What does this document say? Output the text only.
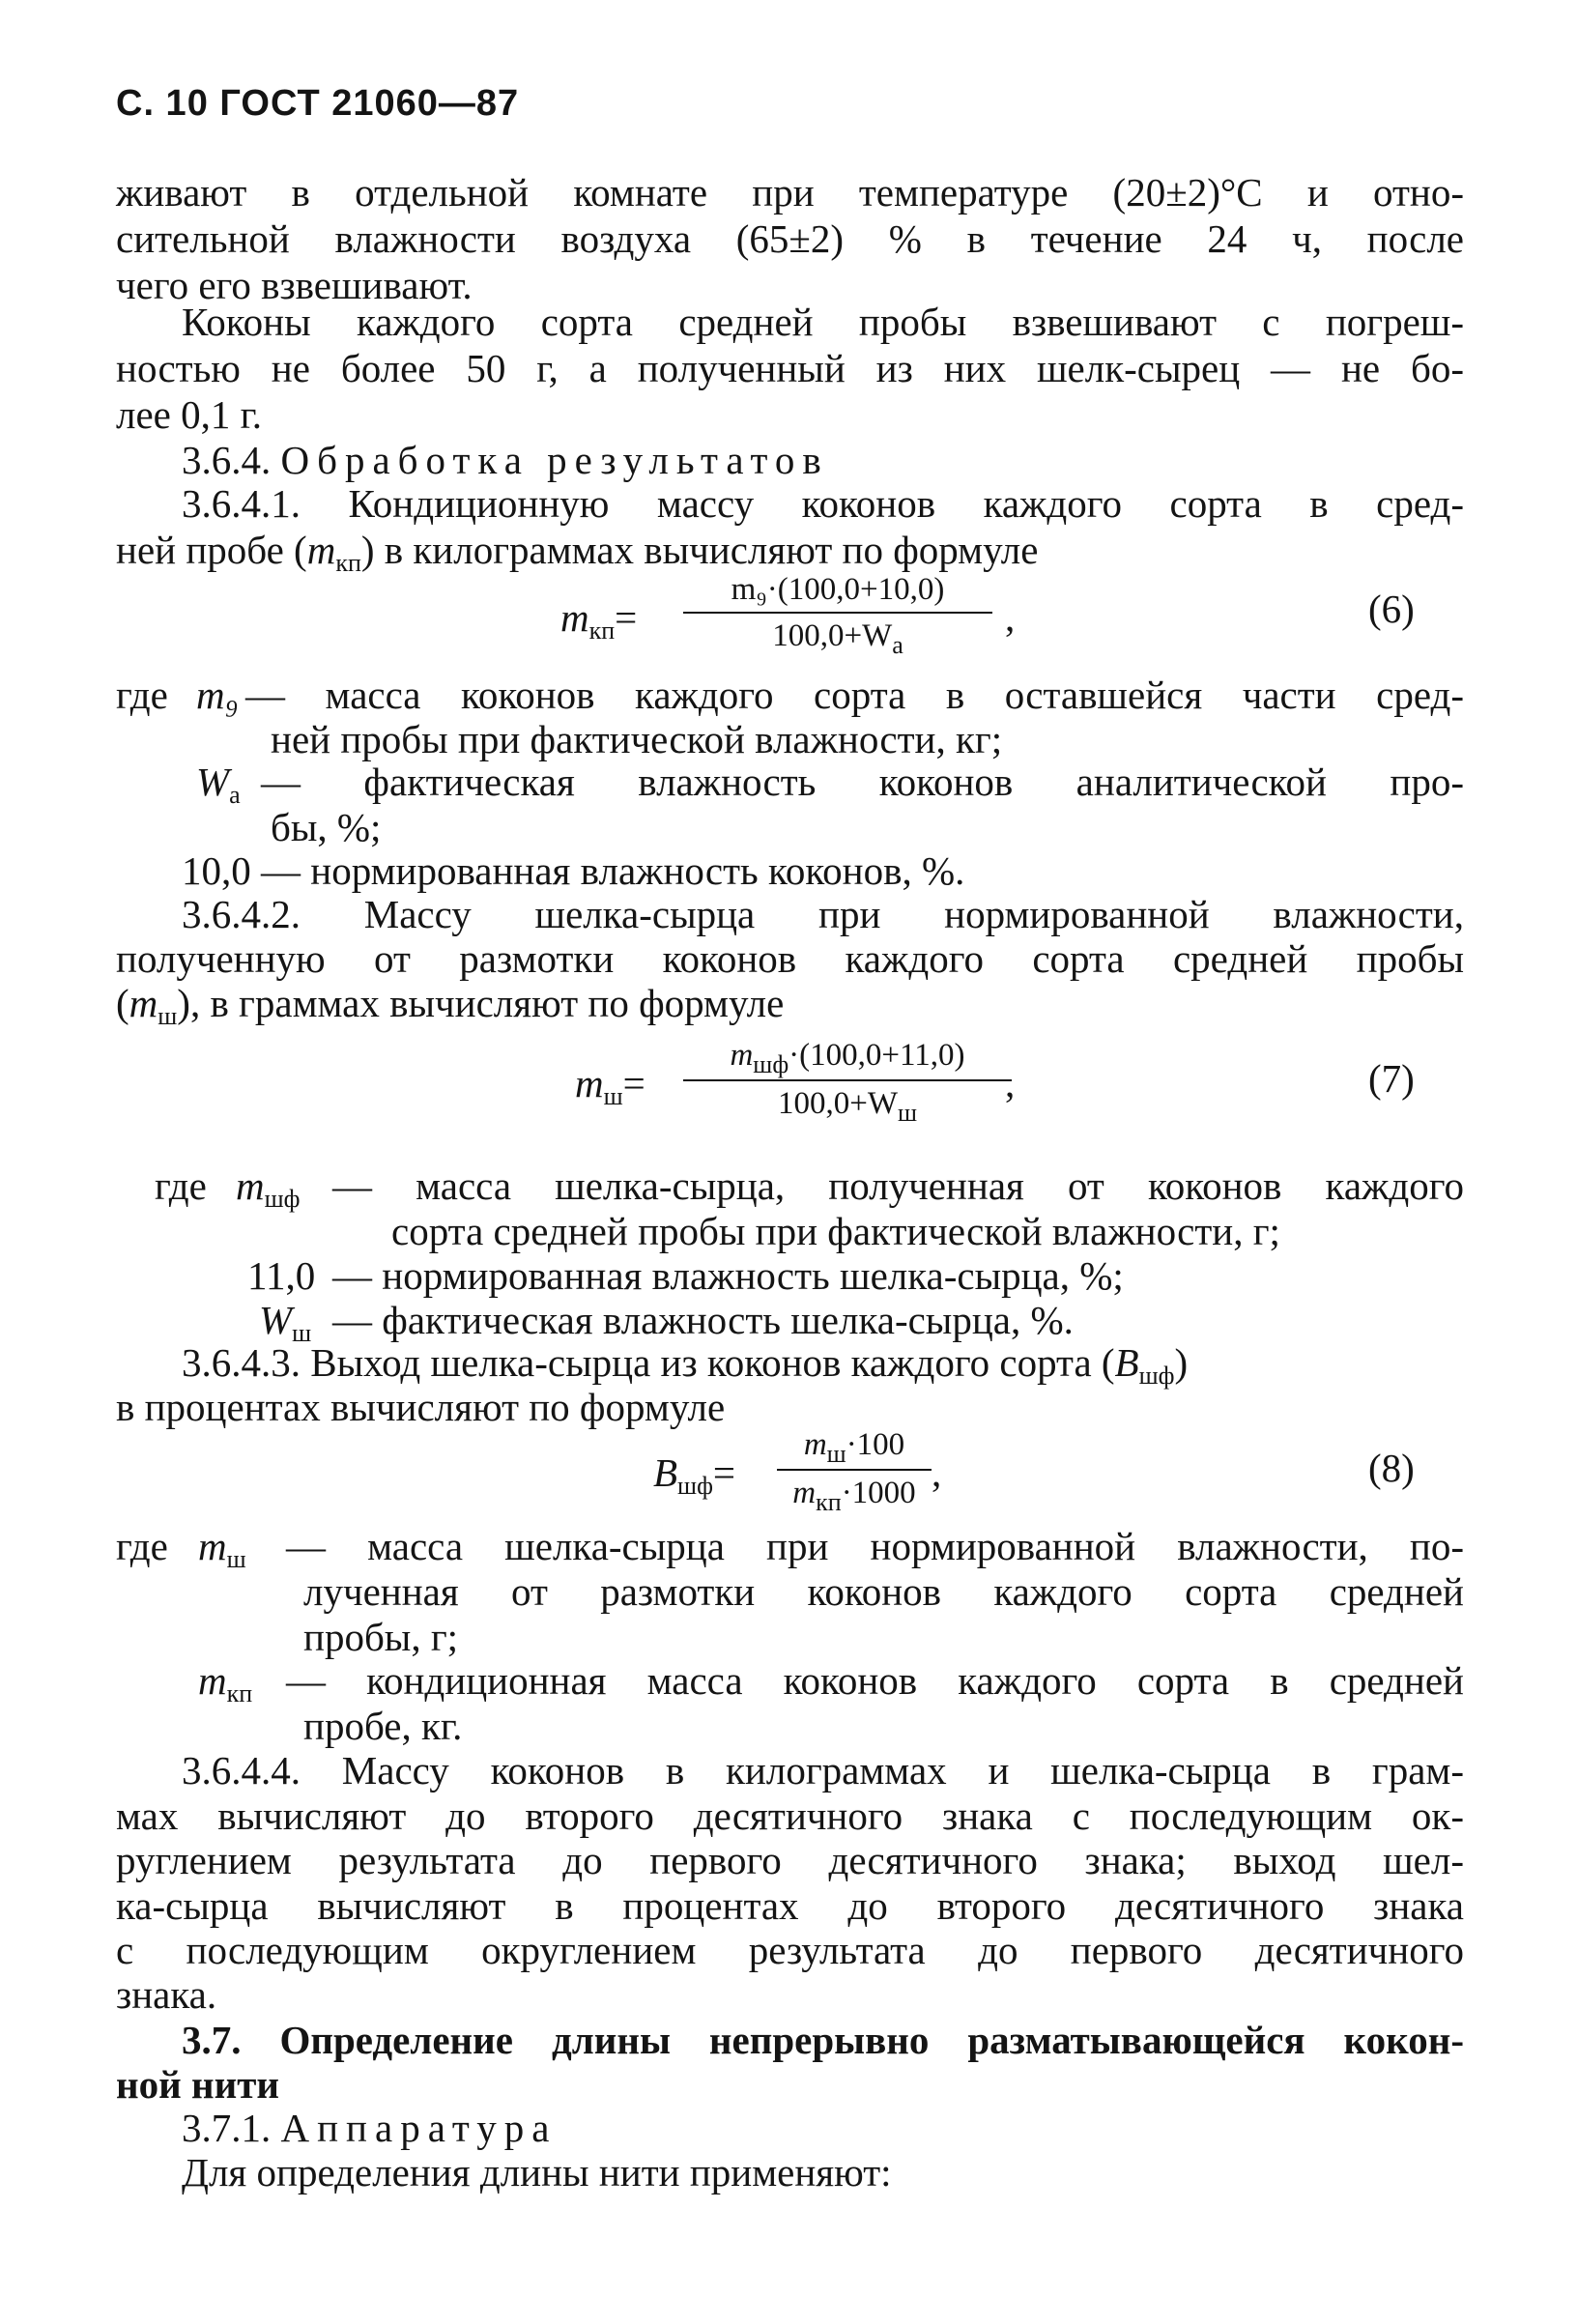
С. 10 ГОСТ 21060—87
живают в отдельной комнате при температуре (20±2)°С и отно-
сительной влажности воздуха (65±2) % в течение 24 ч, после
чего его взвешивают.
Коконы каждого сорта средней пробы взвешивают с погреш-
ностью не более 50 г, а полученный из них шелк-сырец — не бо-
лее 0,1 г.
3.6.4. Обработка результатов
3.6.4.1. Кондиционную массу коконов каждого сорта в сред-
ней пробе (mкп) в килограммах вычисляют по формуле
mкп=
m₉·(100,0+10,0)
$100,0+W_а$
,	(6)
где m₉ — масса коконов каждого сорта в оставшейся части сред-
ней пробы при фактической влажности, кг;
Wа — фактическая влажность коконов аналитической про-
бы, %;
10,0 — нормированная влажность коконов, %.
3.6.4.2. Массу шелка-сырца при нормированной влажности,
полученную от размотки коконов каждого сорта средней пробы
(mш), в граммах вычисляют по формуле
mш=
$m_{шф}\cdot(100,0+11,0)$
$100,0+W_ш$
,	(7)
где mшф — масса шелка-сырца, полученная от коконов каждого
сорта средней пробы при фактической влажности, г;
11,0 — нормированная влажность шелка-сырца, %;
Wш — фактическая влажность шелка-сырца, %.
3.6.4.3. Выход шелка-сырца из коконов каждого сорта (Bшф)
в процентах вычисляют по формуле
Bшф=
$m_ш\cdot 100$
$m_{кп}\cdot 1000$ ,	(8)
где mш — масса шелка-сырца при нормированной влажности, по-
лученная от размотки коконов каждого сорта средней
пробы, г;
mкп — кондиционная масса коконов каждого сорта в средней
пробе, кг.
3.6.4.4. Массу коконов в килограммах и шелка-сырца в грам-
мах вычисляют до второго десятичного знака с последующим ок-
руглением результата до первого десятичного знака; выход шел-
ка-сырца вычисляют в процентах до второго десятичного знака
с последующим округлением результата до первого десятичного
знака.
3.7. Определение длины непрерывно разматывающейся кокон-
ной нити
3.7.1. Аппаратура
Для определения длины нити применяют:
